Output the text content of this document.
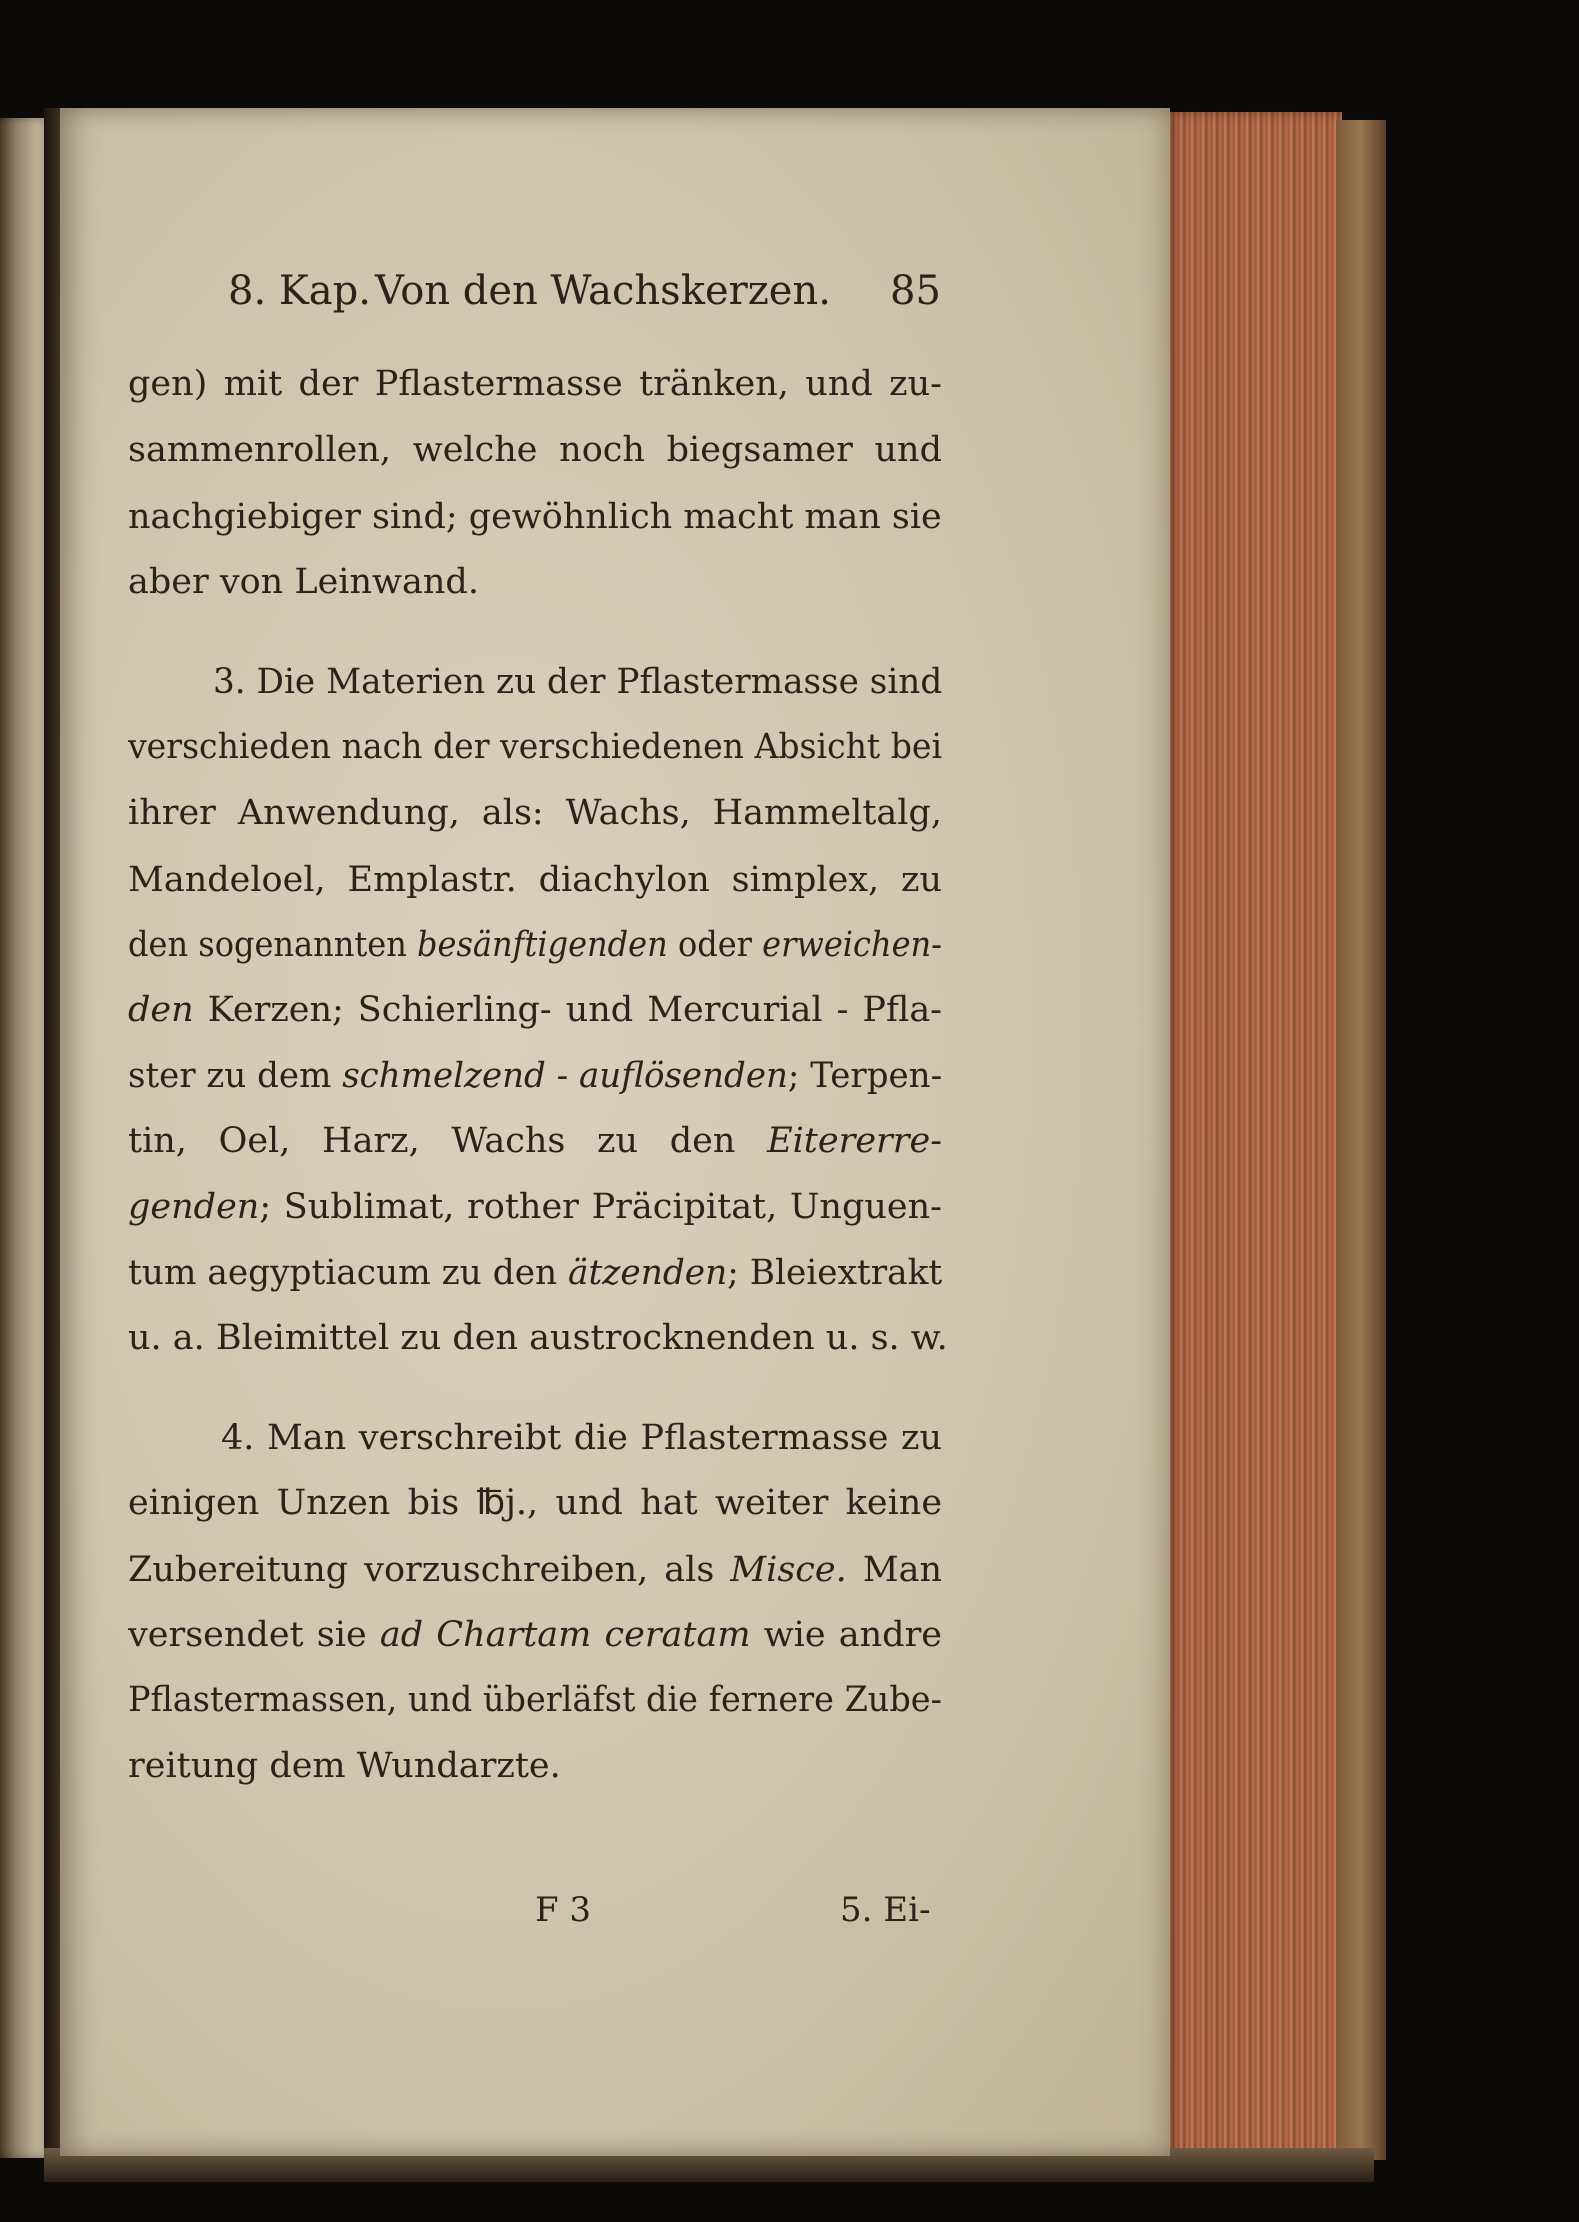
8. Kap. Von den Wachskerzen. 85
gen) mit der Pflastermasse tränken, und zu-
sammenrollen, welche noch biegsamer und
nachgiebiger sind; gewöhnlich macht man sie
aber von Leinwand.
3. Die Materien zu der Pflastermasse sind
verschieden nach der verschiedenen Absicht bei
ihrer Anwendung, als: Wachs, Hammeltalg,
Mandeloel, Emplastr. diachylon simplex, zu
den sogenannten besänftigenden oder erweichen-
den Kerzen; Schierling- und Mercurial - Pfla-
ster zu dem schmelzend - auflösenden; Terpen-
tin, Oel, Harz, Wachs zu den Eitererre-
genden; Sublimat, rother Präcipitat, Unguen-
tum aegyptiacum zu den ätzenden; Bleiextrakt
u. a. Bleimittel zu den austrocknenden u. s. w.
4. Man verschreibt die Pflastermasse zu
einigen Unzen bis ℔j., und hat weiter keine
Zubereitung vorzuschreiben, als Misce. Man
versendet sie ad Chartam ceratam wie andre
Pflastermassen, und überläfst die fernere Zube-
reitung dem Wundarzte.
F 3	5. Ei-
